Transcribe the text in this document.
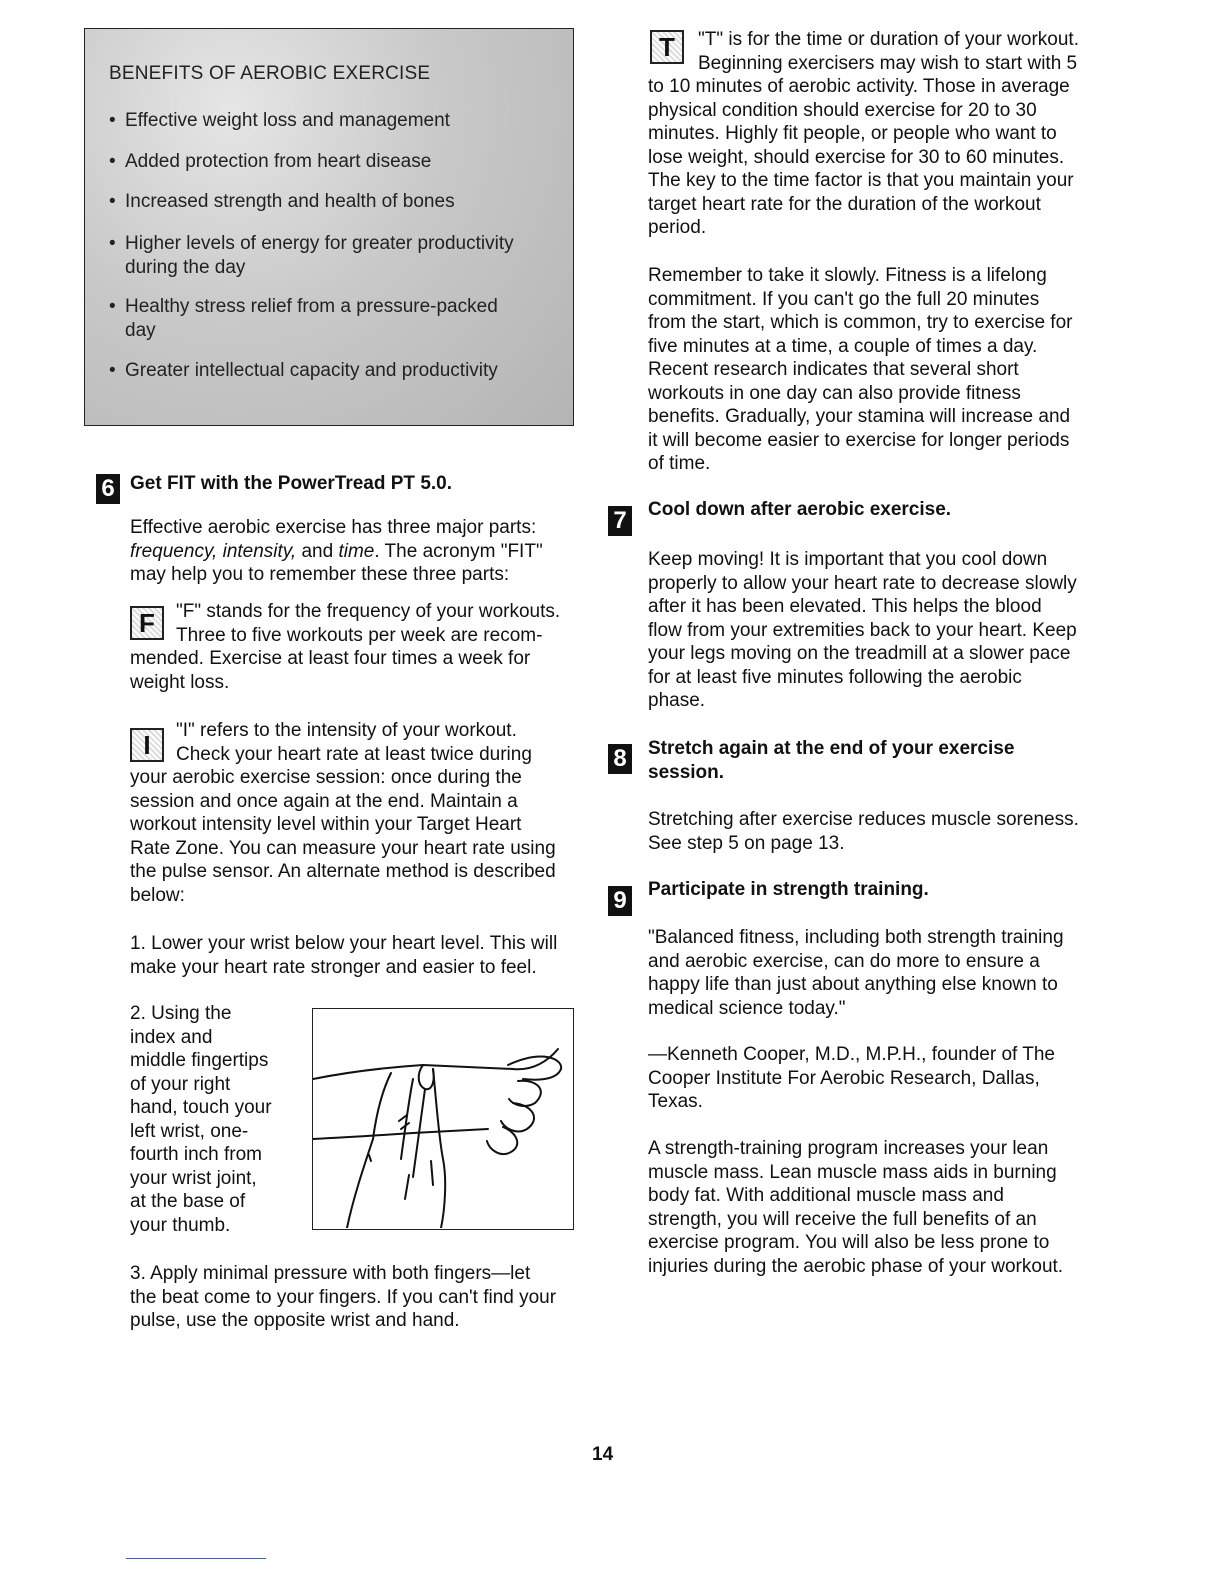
BENEFITS OF AEROBIC EXERCISE
• Effective weight loss and management
• Added protection from heart disease
• Increased strength and health of bones
• Higher levels of energy for greater productivity
during the day
• Healthy stress relief from a pressure-packed
day
• Greater intellectual capacity and productivity
6 Get FIT with the PowerTread PT 5.0.
Effective aerobic exercise has three major parts:
frequency, intensity, and time. The acronym "FIT"
may help you to remember these three parts:
F	"F" stands for the frequency of your workouts.
Three to five workouts per week are recom-
mended. Exercise at least four times a week for
weight loss.
I	"I" refers to the intensity of your workout.
Check your heart rate at least twice during
your aerobic exercise session: once during the
session and once again at the end. Maintain a
workout intensity level within your Target Heart
Rate Zone. You can measure your heart rate using
the pulse sensor. An alternate method is described
below:
1. Lower your wrist below your heart level. This will
make your heart rate stronger and easier to feel.
2. Using the
index and
middle fingertips
of your right
hand, touch your
left wrist, one-
fourth inch from
your wrist joint,
at the base of
your thumb.
3. Apply minimal pressure with both fingers—let
the beat come to your fingers. If you can't find your
pulse, use the opposite wrist and hand.
T	"T" is for the time or duration of your workout.
Beginning exercisers may wish to start with 5
to 10 minutes of aerobic activity. Those in average
physical condition should exercise for 20 to 30
minutes. Highly fit people, or people who want to
lose weight, should exercise for 30 to 60 minutes.
The key to the time factor is that you maintain your
target heart rate for the duration of the workout
period.
Remember to take it slowly. Fitness is a lifelong
commitment. If you can't go the full 20 minutes
from the start, which is common, try to exercise for
five minutes at a time, a couple of times a day.
Recent research indicates that several short
workouts in one day can also provide fitness
benefits. Gradually, your stamina will increase and
it will become easier to exercise for longer periods
of time.
7 Cool down after aerobic exercise.
Keep moving! It is important that you cool down
properly to allow your heart rate to decrease slowly
after it has been elevated. This helps the blood
flow from your extremities back to your heart. Keep
your legs moving on the treadmill at a slower pace
for at least five minutes following the aerobic
phase.
8 Stretch again at the end of your exercise
session.
Stretching after exercise reduces muscle soreness.
See step 5 on page 13.
9 Participate in strength training.
"Balanced fitness, including both strength training
and aerobic exercise, can do more to ensure a
happy life than just about anything else known to
medical science today."
—Kenneth Cooper, M.D., M.P.H., founder of The
Cooper Institute For Aerobic Research, Dallas,
Texas.
A strength-training program increases your lean
muscle mass. Lean muscle mass aids in burning
body fat. With additional muscle mass and
strength, you will receive the full benefits of an
exercise program. You will also be less prone to
injuries during the aerobic phase of your workout.
14
